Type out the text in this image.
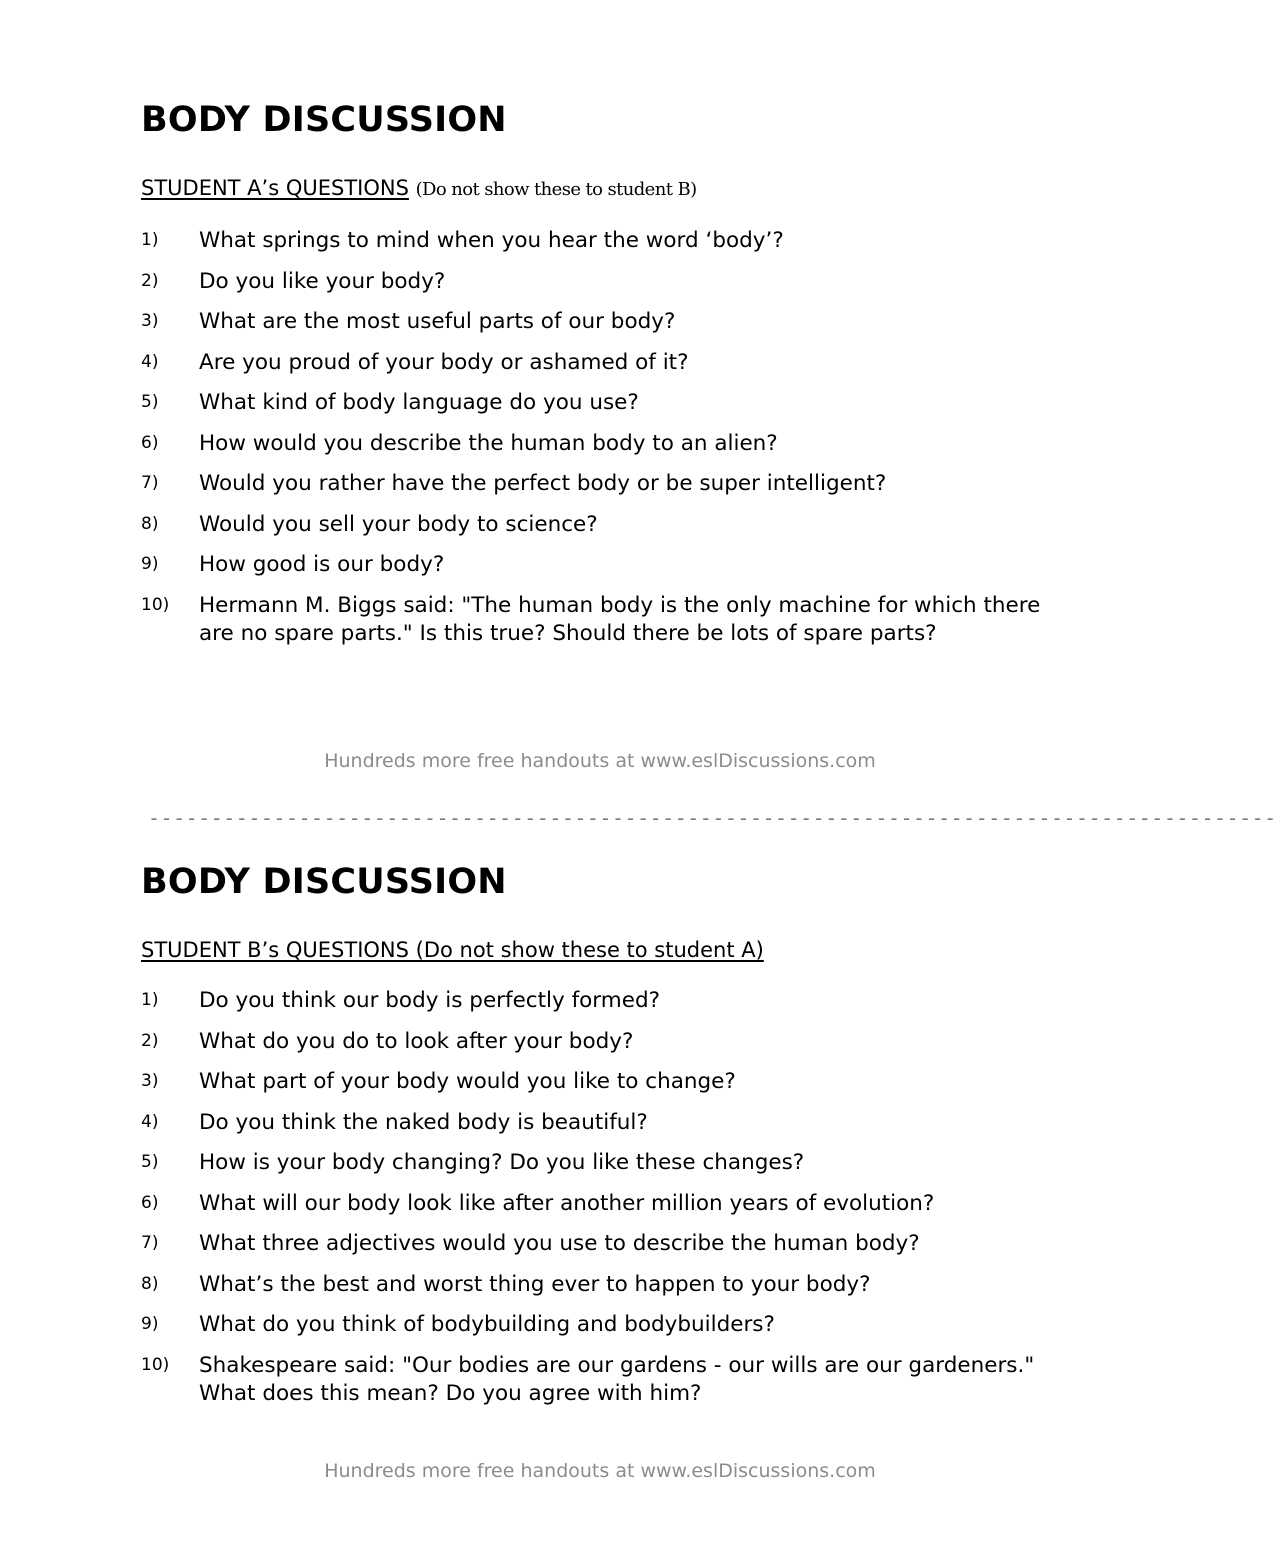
BODY DISCUSSION
STUDENT A’s QUESTIONS (Do not show these to student B)
1)	What springs to mind when you hear the word ‘body’?
2)	Do you like your body?
3)	What are the most useful parts of our body?
4)	Are you proud of your body or ashamed of it?
5)	What kind of body language do you use?
6)	How would you describe the human body to an alien?
7)	Would you rather have the perfect body or be super intelligent?
8)	Would you sell your body to science?
9)	How good is our body?
10)	Hermann M. Biggs said: "The human body is the only machine for which there are no spare parts." Is this true? Should there be lots of spare parts?
Hundreds more free handouts at www.eslDiscussions.com
------------------------------------------------------------------------------------------
BODY DISCUSSION
STUDENT B’s QUESTIONS (Do not show these to student A)
1)	Do you think our body is perfectly formed?
2)	What do you do to look after your body?
3)	What part of your body would you like to change?
4)	Do you think the naked body is beautiful?
5)	How is your body changing? Do you like these changes?
6)	What will our body look like after another million years of evolution?
7)	What three adjectives would you use to describe the human body?
8)	What’s the best and worst thing ever to happen to your body?
9)	What do you think of bodybuilding and bodybuilders?
10)	Shakespeare said: "Our bodies are our gardens - our wills are our gardeners." What does this mean? Do you agree with him?
Hundreds more free handouts at www.eslDiscussions.com
